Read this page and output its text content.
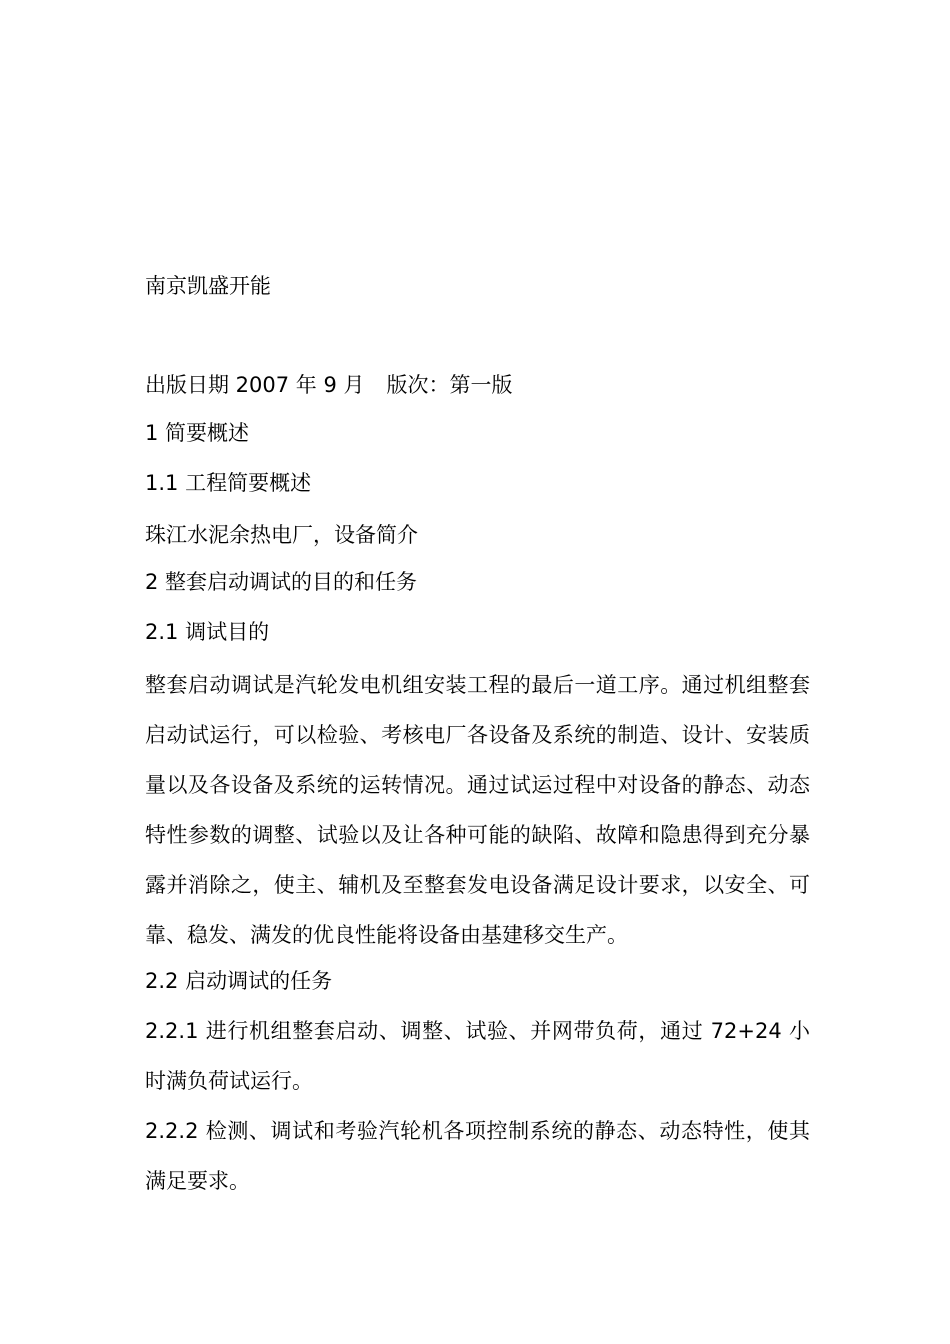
南京凯盛开能
出版日期 2007 年 9 月 版次：第一版
1 简要概述
1.1 工程简要概述
珠江水泥余热电厂，设备简介
2 整套启动调试的目的和任务
2.1 调试目的
整套启动调试是汽轮发电机组安装工程的最后一道工序。通过机组整套启动试运行，可以检验、考核电厂各设备及系统的制造、设计、安装质量以及各设备及系统的运转情况。通过试运过程中对设备的静态、动态特性参数的调整、试验以及让各种可能的缺陷、故障和隐患得到充分暴露并消除之，使主、辅机及至整套发电设备满足设计要求，以安全、可靠、稳发、满发的优良性能将设备由基建移交生产。
2.2 启动调试的任务
2.2.1 进行机组整套启动、调整、试验、并网带负荷，通过 72+24 小时满负荷试运行。
2.2.2 检测、调试和考验汽轮机各项控制系统的静态、动态特性，使其满足要求。
